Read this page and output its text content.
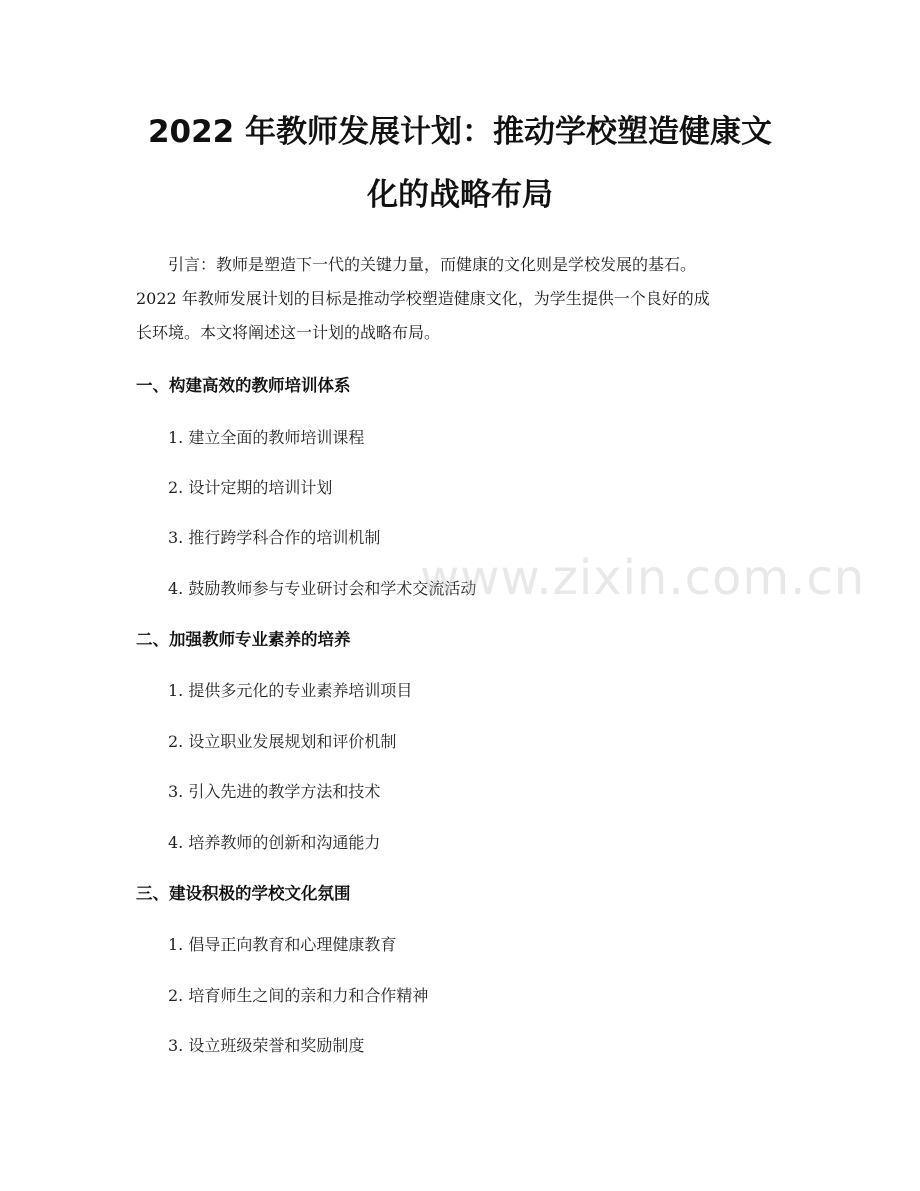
2022 年教师发展计划：推动学校塑造健康文
化的战略布局
引言：教师是塑造下一代的关键力量，而健康的文化则是学校发展的基石。
2022 年教师发展计划的目标是推动学校塑造健康文化，为学生提供一个良好的成
长环境。本文将阐述这一计划的战略布局。
一、构建高效的教师培训体系
1. 建立全面的教师培训课程
2. 设计定期的培训计划
3. 推行跨学科合作的培训机制
4. 鼓励教师参与专业研讨会和学术交流活动
二、加强教师专业素养的培养
1. 提供多元化的专业素养培训项目
2. 设立职业发展规划和评价机制
3. 引入先进的教学方法和技术
4. 培养教师的创新和沟通能力
三、建设积极的学校文化氛围
1. 倡导正向教育和心理健康教育
2. 培育师生之间的亲和力和合作精神
3. 设立班级荣誉和奖励制度
www.zixin.com.cn
